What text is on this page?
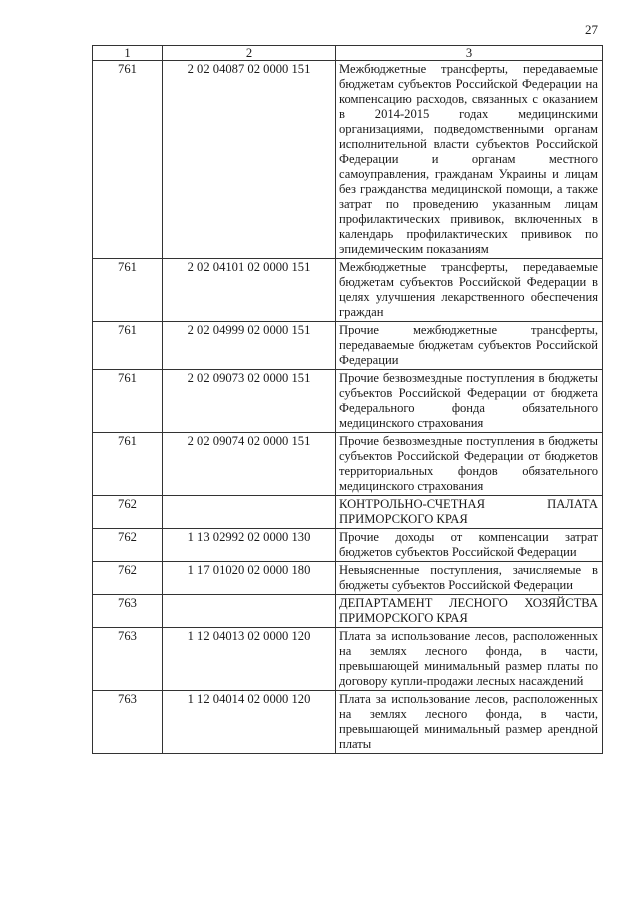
27
1	2	3
761	2 02 04087 02 0000 151	Межбюджетные трансферты, передаваемые бюджетам субъектов Российской Федерации на компенсацию расходов, связанных с оказанием в 2014-2015 годах медицинскими организациями, подведомственными органам исполнительной власти субъектов Российской Федерации и органам местного самоуправления, гражданам Украины и лицам без гражданства медицинской помощи, а также затрат по проведению указанным лицам профилактических прививок, включенных в календарь профилактических прививок по эпидемическим показаниям
761	2 02 04101 02 0000 151	Межбюджетные трансферты, передаваемые бюджетам субъектов Российской Федерации в целях улучшения лекарственного обеспечения граждан
761	2 02 04999 02 0000 151	Прочие межбюджетные трансферты, передаваемые бюджетам субъектов Российской Федерации
761	2 02 09073 02 0000 151	Прочие безвозмездные поступления в бюджеты субъектов Российской Федерации от бюджета Федерального фонда обязательного медицинского страхования
761	2 02 09074 02 0000 151	Прочие безвозмездные поступления в бюджеты субъектов Российской Федерации от бюджетов территориальных фондов обязательного медицинского страхования
762		КОНТРОЛЬНО-СЧЕТНАЯ ПАЛАТА ПРИМОРСКОГО КРАЯ
762	1 13 02992 02 0000 130	Прочие доходы от компенсации затрат бюджетов субъектов Российской Федерации
762	1 17 01020 02 0000 180	Невыясненные поступления, зачисляемые в бюджеты субъектов Российской Федерации
763		ДЕПАРТАМЕНТ ЛЕСНОГО ХОЗЯЙСТВА ПРИМОРСКОГО КРАЯ
763	1 12 04013 02 0000 120	Плата за использование лесов, расположенных на землях лесного фонда, в части, превышающей минимальный размер платы по договору купли-продажи лесных насаждений
763	1 12 04014 02 0000 120	Плата за использование лесов, расположенных на землях лесного фонда, в части, превышающей минимальный размер арендной платы
